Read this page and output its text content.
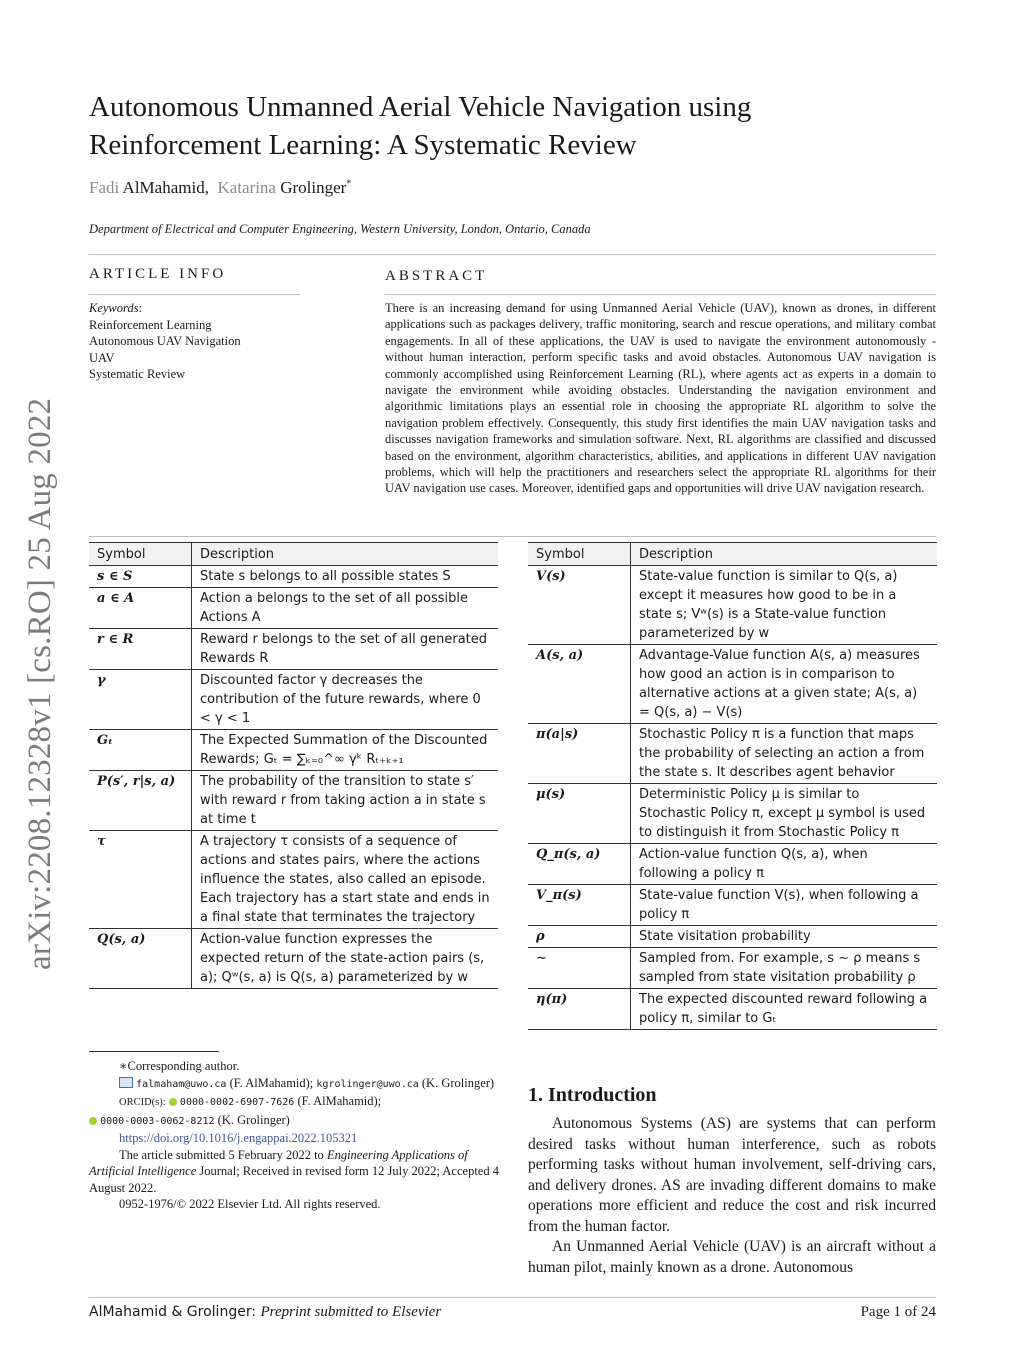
arXiv:2208.12328v1 [cs.RO] 25 Aug 2022
Autonomous Unmanned Aerial Vehicle Navigation using
Reinforcement Learning: A Systematic Review
Fadi AlMahamid,  Katarina Grolinger*
Department of Electrical and Computer Engineering, Western University, London, Ontario, Canada
ARTICLE INFO
Keywords:
Reinforcement Learning
Autonomous UAV Navigation
UAV
Systematic Review
ABSTRACT
There is an increasing demand for using Unmanned Aerial Vehicle (UAV), known as drones, in different applications such as packages delivery, traffic monitoring, search and rescue operations, and military combat engagements. In all of these applications, the UAV is used to navigate the environment autonomously - without human interaction, perform specific tasks and avoid obstacles. Autonomous UAV navigation is commonly accomplished using Reinforcement Learning (RL), where agents act as experts in a domain to navigate the environment while avoiding obstacles. Understanding the navigation environment and algorithmic limitations plays an essential role in choosing the appropriate RL algorithm to solve the navigation problem effectively. Consequently, this study first identifies the main UAV navigation tasks and discusses navigation frameworks and simulation software. Next, RL algorithms are classified and discussed based on the environment, algorithm characteristics, abilities, and applications in different UAV navigation problems, which will help the practitioners and researchers select the appropriate RL algorithms for their UAV navigation use cases. Moreover, identified gaps and opportunities will drive UAV navigation research.
Symbol	Description
s ∈ S	State s belongs to all possible states S
a ∈ A	Action a belongs to the set of all possible Actions A
r ∈ R	Reward r belongs to the set of all generated Rewards R
γ	Discounted factor γ decreases the contribution of the future rewards, where 0 < γ < 1
Gₜ	The Expected Summation of the Discounted Rewards; Gₜ = ∑ₖ₌₀^∞ γᵏ Rₜ₊ₖ₊₁
P(s′, r|s, a)	The probability of the transition to state s′ with reward r from taking action a in state s at time t
τ	A trajectory τ consists of a sequence of actions and states pairs, where the actions influence the states, also called an episode. Each trajectory has a start state and ends in a final state that terminates the trajectory
Q(s, a)	Action-value function expresses the expected return of the state-action pairs (s, a); Qʷ(s, a) is Q(s, a) parameterized by w
Symbol	Description
V(s)	State-value function is similar to Q(s, a) except it measures how good to be in a state s; Vʷ(s) is a State-value function parameterized by w
A(s, a)	Advantage-Value function A(s, a) measures how good an action is in comparison to alternative actions at a given state; A(s, a) = Q(s, a) − V(s)
π(a|s)	Stochastic Policy π is a function that maps the probability of selecting an action a from the state s. It describes agent behavior
μ(s)	Deterministic Policy μ is similar to Stochastic Policy π, except μ symbol is used to distinguish it from Stochastic Policy π
Q_π(s, a)	Action-value function Q(s, a), when following a policy π
V_π(s)	State-value function V(s), when following a policy π
ρ	State visitation probability
∼	Sampled from. For example, s ∼ ρ means s sampled from state visitation probability ρ
η(π)	The expected discounted reward following a policy π, similar to Gₜ
∗Corresponding author.
falmaham@uwo.ca (F. AlMahamid); kgrolinger@uwo.ca (K. Grolinger)
ORCID(s): 0000-0002-6907-7626 (F. AlMahamid);
0000-0003-0062-8212 (K. Grolinger)
https://doi.org/10.1016/j.engappai.2022.105321
The article submitted 5 February 2022 to Engineering Applications of Artificial Intelligence Journal; Received in revised form 12 July 2022; Accepted 4 August 2022.
0952-1976/© 2022 Elsevier Ltd. All rights reserved.
1. Introduction

Autonomous Systems (AS) are systems that can perform desired tasks without human interference, such as robots performing tasks without human involvement, self-driving cars, and delivery drones. AS are invading different domains to make operations more efficient and reduce the cost and risk incurred from the human factor.

An Unmanned Aerial Vehicle (UAV) is an aircraft without a human pilot, mainly known as a drone. Autonomous

AlMahamid & Grolinger: Preprint submitted to Elsevier	Page 1 of 24
